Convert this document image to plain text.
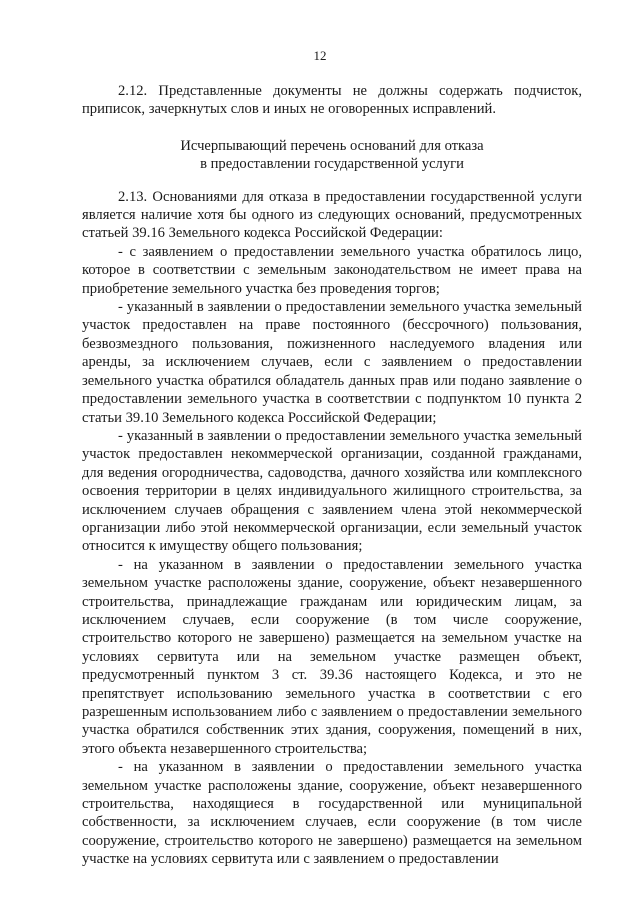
12

2.12. Представленные документы не должны содержать подчисток, приписок, зачеркнутых слов и иных не оговоренных исправлений.

Исчерпывающий перечень оснований для отказа

в предоставлении государственной услуги

2.13. Основаниями для отказа в предоставлении государственной услуги является наличие хотя бы одного из следующих оснований, предусмотренных статьей 39.16 Земельного кодекса Российской Федерации:

- с заявлением о предоставлении земельного участка обратилось лицо, которое в соответствии с земельным законодательством не имеет права на приобретение земельного участка без проведения торгов;

- указанный в заявлении о предоставлении земельного участка земельный участок предоставлен на праве постоянного (бессрочного) пользования, безвозмездного пользования, пожизненного наследуемого владения или аренды, за исключением случаев, если с заявлением о предоставлении земельного участка обратился обладатель данных прав или подано заявление о предоставлении земельного участка в соответствии с подпунктом 10 пункта 2 статьи 39.10 Земельного кодекса Российской Федерации;

- указанный в заявлении о предоставлении земельного участка земельный участок предоставлен некоммерческой организации, созданной гражданами, для ведения огородничества, садоводства, дачного хозяйства или комплексного освоения территории в целях индивидуального жилищного строительства, за исключением случаев обращения с заявлением члена этой некоммерческой организации либо этой некоммерческой организации, если земельный участок относится к имуществу общего пользования;

- на указанном в заявлении о предоставлении земельного участка земельном участке расположены здание, сооружение, объект незавершенного строительства, принадлежащие гражданам или юридическим лицам, за исключением случаев, если сооружение (в том числе сооружение, строительство которого не завершено) размещается на земельном участке на условиях сервитута или на земельном участке размещен объект, предусмотренный пунктом 3 ст. 39.36 настоящего Кодекса, и это не препятствует использованию земельного участка в соответствии с его разрешенным использованием либо с заявлением о предоставлении земельного участка обратился собственник этих здания, сооружения, помещений в них, этого объекта незавершенного строительства;

- на указанном в заявлении о предоставлении земельного участка земельном участке расположены здание, сооружение, объект незавершенного строительства, находящиеся в государственной или муниципальной собственности, за исключением случаев, если сооружение (в том числе сооружение, строительство которого не завершено) размещается на земельном участке на условиях сервитута или с заявлением о предоставлении
